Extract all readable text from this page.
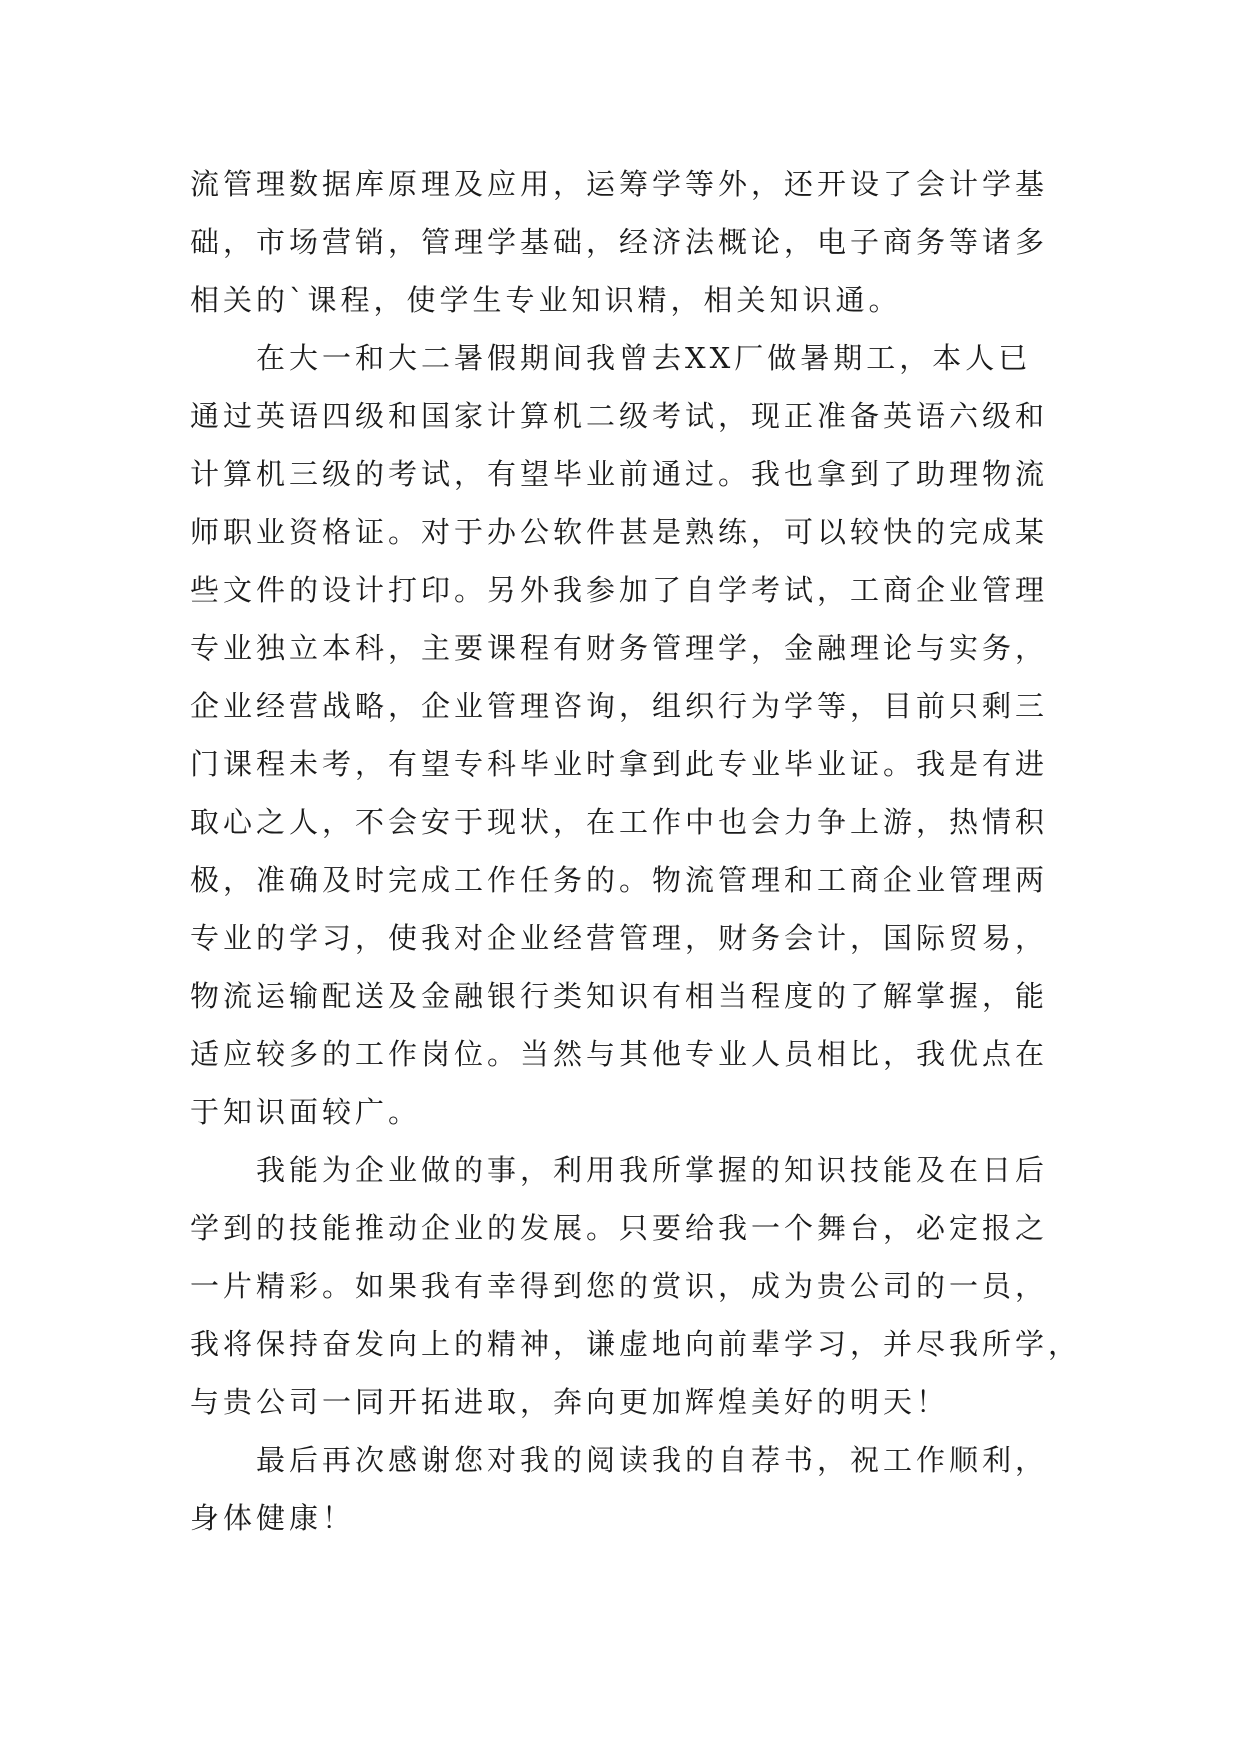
流管理数据库原理及应用，运筹学等外，还开设了会计学基
础，市场营销，管理学基础，经济法概论，电子商务等诸多
相关的`课程，使学生专业知识精，相关知识通。
在大一和大二暑假期间我曾去XX厂做暑期工，本人已
通过英语四级和国家计算机二级考试，现正准备英语六级和
计算机三级的考试，有望毕业前通过。我也拿到了助理物流
师职业资格证。对于办公软件甚是熟练，可以较快的完成某
些文件的设计打印。另外我参加了自学考试，工商企业管理
专业独立本科，主要课程有财务管理学，金融理论与实务，
企业经营战略，企业管理咨询，组织行为学等，目前只剩三
门课程未考，有望专科毕业时拿到此专业毕业证。我是有进
取心之人，不会安于现状，在工作中也会力争上游，热情积
极，准确及时完成工作任务的。物流管理和工商企业管理两
专业的学习，使我对企业经营管理，财务会计，国际贸易，
物流运输配送及金融银行类知识有相当程度的了解掌握，能
适应较多的工作岗位。当然与其他专业人员相比，我优点在
于知识面较广。
我能为企业做的事，利用我所掌握的知识技能及在日后
学到的技能推动企业的发展。只要给我一个舞台，必定报之
一片精彩。如果我有幸得到您的赏识，成为贵公司的一员，
我将保持奋发向上的精神，谦虚地向前辈学习，并尽我所学，
与贵公司一同开拓进取，奔向更加辉煌美好的明天！
最后再次感谢您对我的阅读我的自荐书，祝工作顺利，
身体健康！
